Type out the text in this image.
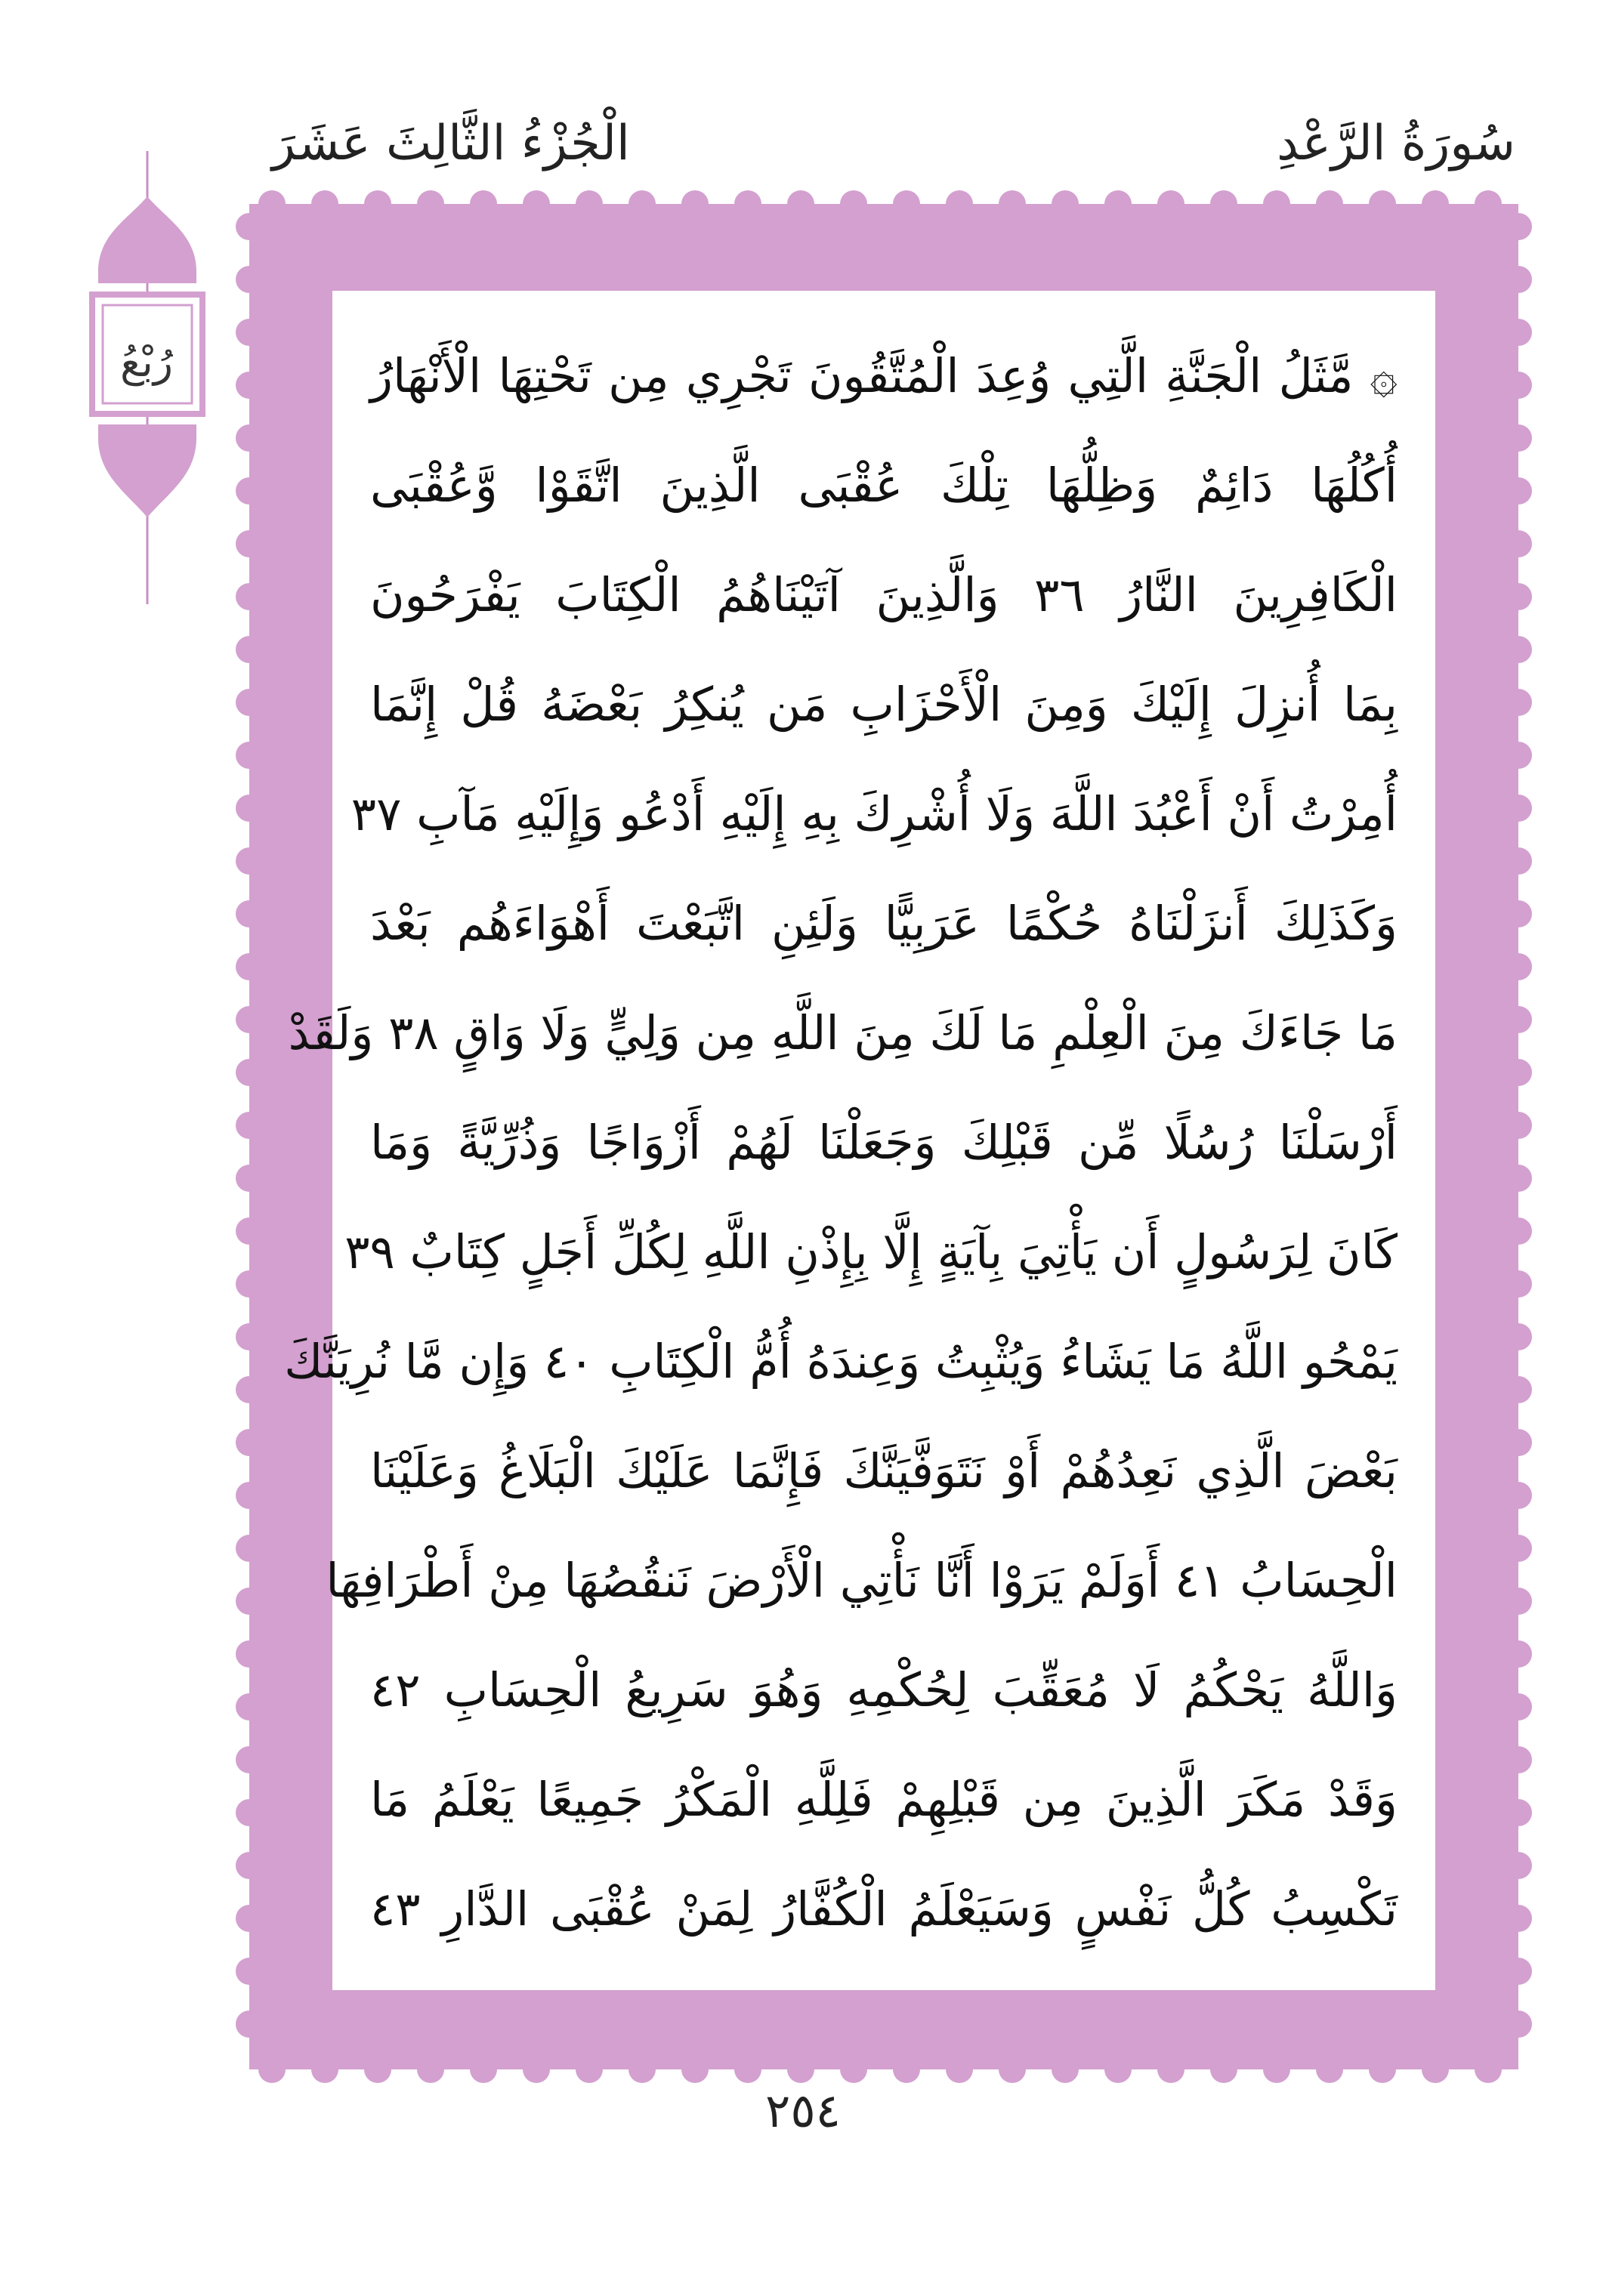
سُورَةُ الرَّعْدِ
الْجُزْءُ الثَّالِثَ عَشَرَ
رُبْعُ	۞ مَّثَلُ الْجَنَّةِ الَّتِي وُعِدَ الْمُتَّقُونَ تَجْرِي مِن تَحْتِهَا الْأَنْهَارُ
أُكُلُهَا دَائِمٌ وَظِلُّهَا تِلْكَ عُقْبَى الَّذِينَ اتَّقَوْا وَّعُقْبَى
الْكَافِرِينَ النَّارُ ٣٦ وَالَّذِينَ آتَيْنَاهُمُ الْكِتَابَ يَفْرَحُونَ
بِمَا أُنزِلَ إِلَيْكَ وَمِنَ الْأَحْزَابِ مَن يُنكِرُ بَعْضَهُ قُلْ إِنَّمَا
أُمِرْتُ أَنْ أَعْبُدَ اللَّهَ وَلَا أُشْرِكَ بِهِ إِلَيْهِ أَدْعُو وَإِلَيْهِ مَآبِ ٣٧
وَكَذَلِكَ أَنزَلْنَاهُ حُكْمًا عَرَبِيًّا وَلَئِنِ اتَّبَعْتَ أَهْوَاءَهُم بَعْدَ
مَا جَاءَكَ مِنَ الْعِلْمِ مَا لَكَ مِنَ اللَّهِ مِن وَلِيٍّ وَلَا وَاقٍ ٣٨ وَلَقَدْ
أَرْسَلْنَا رُسُلًا مِّن قَبْلِكَ وَجَعَلْنَا لَهُمْ أَزْوَاجًا وَذُرِّيَّةً وَمَا
كَانَ لِرَسُولٍ أَن يَأْتِيَ بِآيَةٍ إِلَّا بِإِذْنِ اللَّهِ لِكُلِّ أَجَلٍ كِتَابٌ ٣٩
يَمْحُو اللَّهُ مَا يَشَاءُ وَيُثْبِتُ وَعِندَهُ أُمُّ الْكِتَابِ ٤٠ وَإِن مَّا نُرِيَنَّكَ
بَعْضَ الَّذِي نَعِدُهُمْ أَوْ نَتَوَفَّيَنَّكَ فَإِنَّمَا عَلَيْكَ الْبَلَاغُ وَعَلَيْنَا
الْحِسَابُ ٤١ أَوَلَمْ يَرَوْا أَنَّا نَأْتِي الْأَرْضَ نَنقُصُهَا مِنْ أَطْرَافِهَا
وَاللَّهُ يَحْكُمُ لَا مُعَقِّبَ لِحُكْمِهِ وَهُوَ سَرِيعُ الْحِسَابِ ٤٢
وَقَدْ مَكَرَ الَّذِينَ مِن قَبْلِهِمْ فَلِلَّهِ الْمَكْرُ جَمِيعًا يَعْلَمُ مَا
تَكْسِبُ كُلُّ نَفْسٍ وَسَيَعْلَمُ الْكُفَّارُ لِمَنْ عُقْبَى الدَّارِ ٤٣
٢٥٤
